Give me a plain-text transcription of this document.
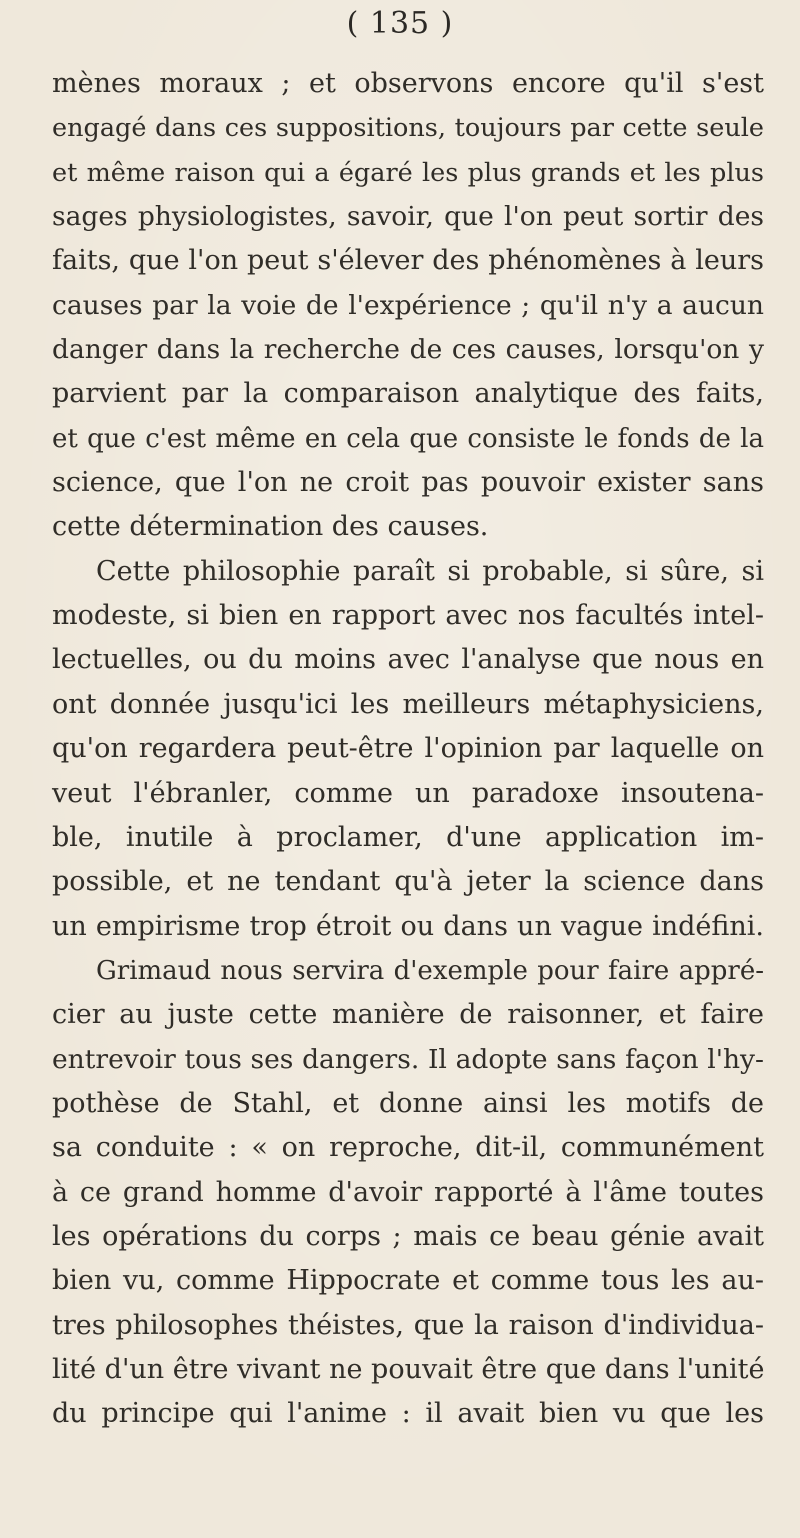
( 135 )
mènes moraux ; et observons encore qu'il s'est
engagé dans ces suppositions, toujours par cette seule
et même raison qui a égaré les plus grands et les plus
sages physiologistes, savoir, que l'on peut sortir des
faits, que l'on peut s'élever des phénomènes à leurs
causes par la voie de l'expérience ; qu'il n'y a aucun
danger dans la recherche de ces causes, lorsqu'on y
parvient par la comparaison analytique des faits,
et que c'est même en cela que consiste le fonds de la
science, que l'on ne croit pas pouvoir exister sans
cette détermination des causes.
Cette philosophie paraît si probable, si sûre, si
modeste, si bien en rapport avec nos facultés intel-
lectuelles, ou du moins avec l'analyse que nous en
ont donnée jusqu'ici les meilleurs métaphysiciens,
qu'on regardera peut-être l'opinion par laquelle on
veut l'ébranler, comme un paradoxe insoutena-
ble, inutile à proclamer, d'une application im-
possible, et ne tendant qu'à jeter la science dans
un empirisme trop étroit ou dans un vague indéfini.
Grimaud nous servira d'exemple pour faire appré-
cier au juste cette manière de raisonner, et faire
entrevoir tous ses dangers. Il adopte sans façon l'hy-
pothèse de Stahl, et donne ainsi les motifs de
sa conduite : « on reproche, dit-il, communément
à ce grand homme d'avoir rapporté à l'âme toutes
les opérations du corps ; mais ce beau génie avait
bien vu, comme Hippocrate et comme tous les au-
tres philosophes théistes, que la raison d'individua-
lité d'un être vivant ne pouvait être que dans l'unité
du principe qui l'anime : il avait bien vu que les
